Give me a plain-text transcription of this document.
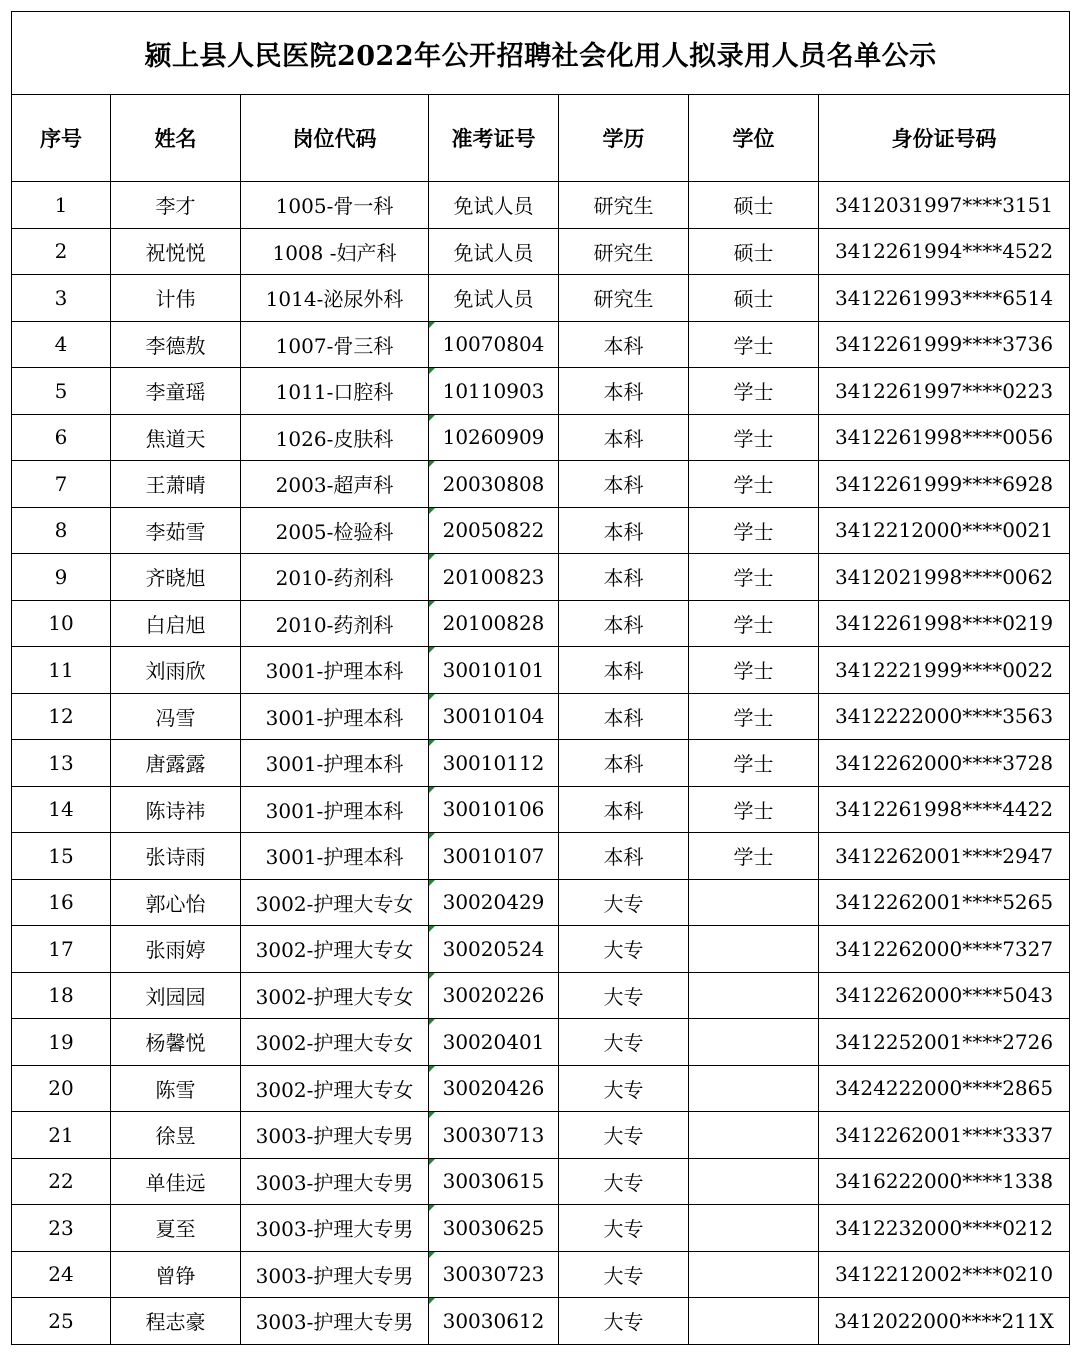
颍上县人民医院2022年公开招聘社会化用人拟录用人员名单公示						
序号	姓名	岗位代码	准考证号	学历	学位	身份证号码
1	李才	1005-骨一科	免试人员	研究生	硕士	3412031997****3151
2	祝悦悦	1008 -妇产科	免试人员	研究生	硕士	3412261994****4522
3	计伟	1014-泌尿外科	免试人员	研究生	硕士	3412261993****6514
4	李德敖	1007-骨三科	10070804	本科	学士	3412261999****3736
5	李童瑶	1011-口腔科	10110903	本科	学士	3412261997****0223
6	焦道天	1026-皮肤科	10260909	本科	学士	3412261998****0056
7	王萧晴	2003-超声科	20030808	本科	学士	3412261999****6928
8	李茹雪	2005-检验科	20050822	本科	学士	3412212000****0021
9	齐晓旭	2010-药剂科	20100823	本科	学士	3412021998****0062
10	白启旭	2010-药剂科	20100828	本科	学士	3412261998****0219
11	刘雨欣	3001-护理本科	30010101	本科	学士	3412221999****0022
12	冯雪	3001-护理本科	30010104	本科	学士	3412222000****3563
13	唐露露	3001-护理本科	30010112	本科	学士	3412262000****3728
14	陈诗祎	3001-护理本科	30010106	本科	学士	3412261998****4422
15	张诗雨	3001-护理本科	30010107	本科	学士	3412262001****2947
16	郭心怡	3002-护理大专女	30020429	大专		3412262001****5265
17	张雨婷	3002-护理大专女	30020524	大专		3412262000****7327
18	刘园园	3002-护理大专女	30020226	大专		3412262000****5043
19	杨馨悦	3002-护理大专女	30020401	大专		3412252001****2726
20	陈雪	3002-护理大专女	30020426	大专		3424222000****2865
21	徐昱	3003-护理大专男	30030713	大专		3412262001****3337
22	单佳远	3003-护理大专男	30030615	大专		3416222000****1338
23	夏至	3003-护理大专男	30030625	大专		3412232000****0212
24	曾铮	3003-护理大专男	30030723	大专		3412212002****0210
25	程志豪	3003-护理大专男	30030612	大专		3412022000****211X
